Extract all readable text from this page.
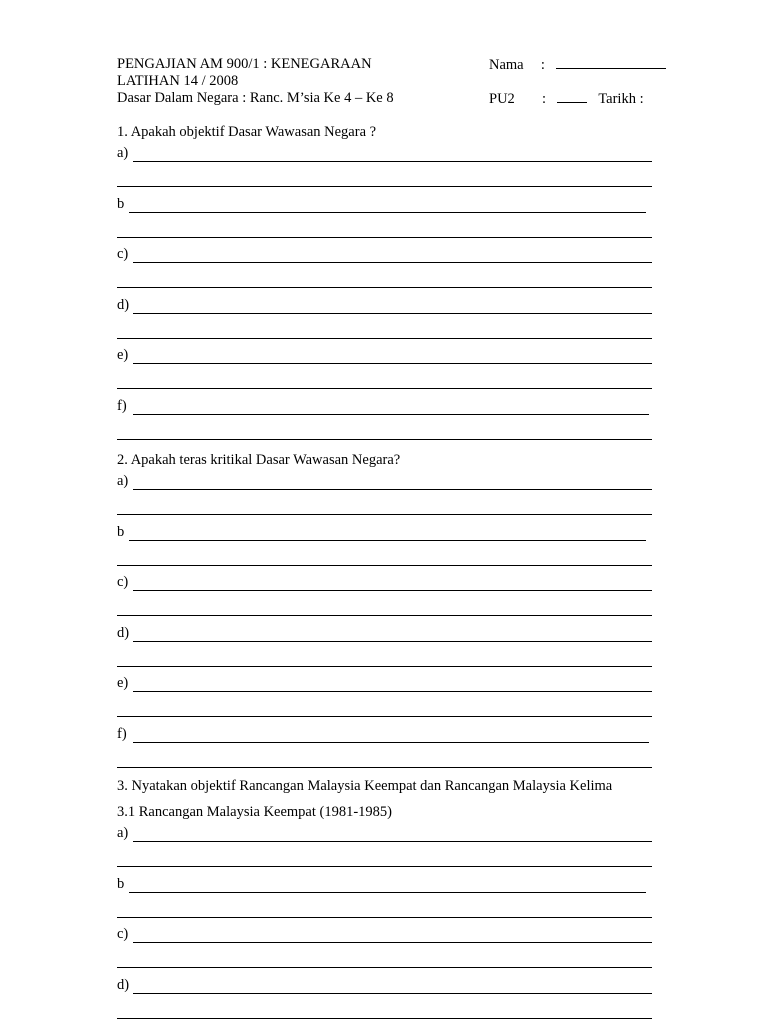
PENGAJIAN AM 900/1 : KENEGARAAN
LATIHAN 14 / 2008
Dasar Dalam Negara : Ranc. M’sia Ke 4 – Ke 8
Nama :
PU2 :	Tarikh :
1. Apakah objektif Dasar Wawasan Negara ?
a)
b
c)
d)
e)
f)
2. Apakah teras kritikal Dasar Wawasan Negara?
a)
b
c)
d)
e)
f)
3. Nyatakan objektif Rancangan Malaysia Keempat dan Rancangan Malaysia Kelima
3.1 Rancangan Malaysia Keempat (1981-1985)
a)
b
c)
d)
